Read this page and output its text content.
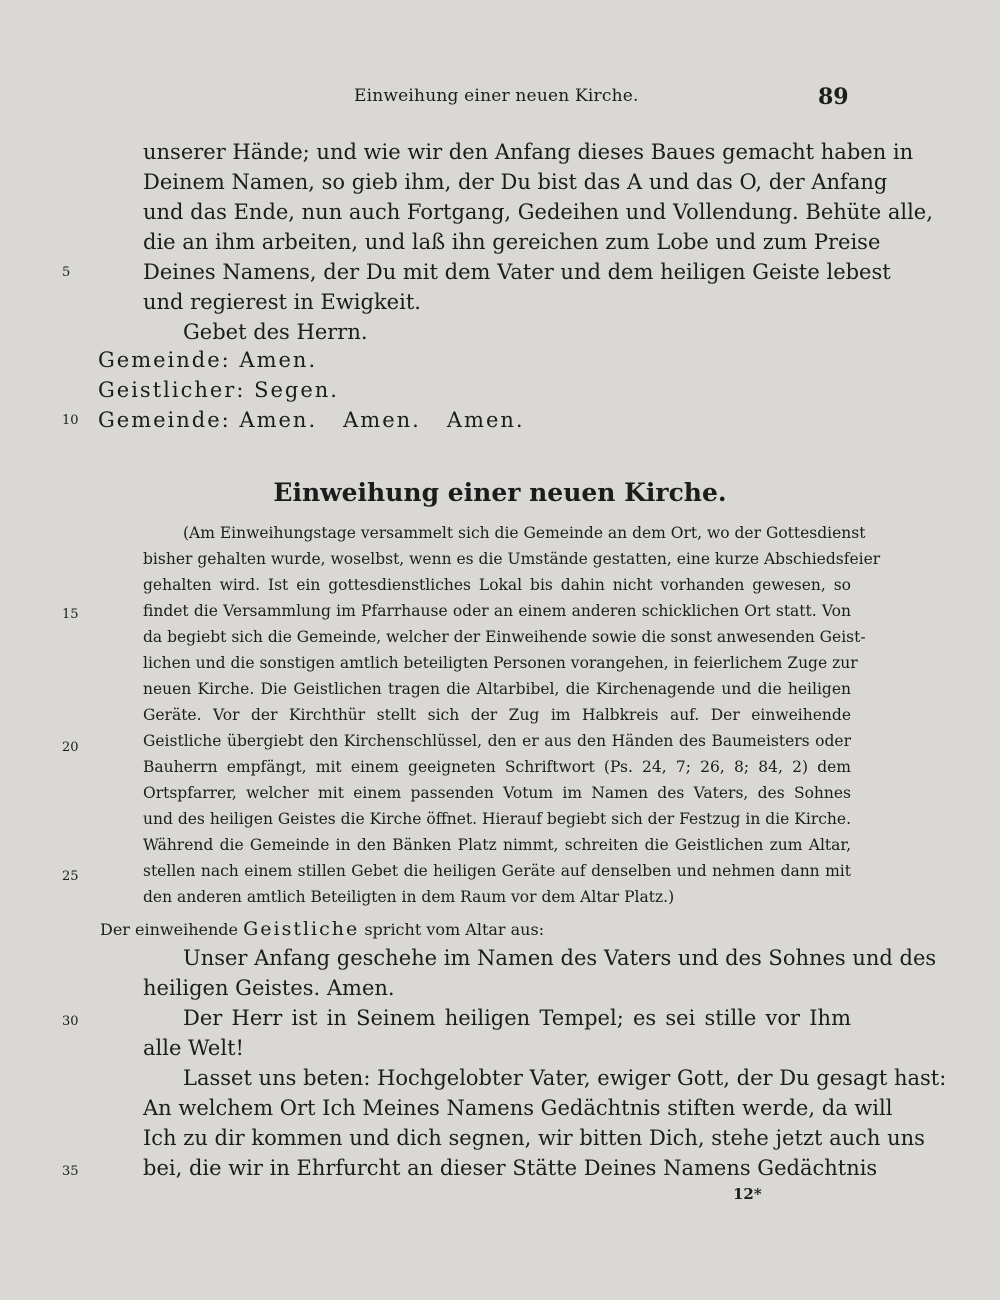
Einweihung einer neuen Kirche.	89
unserer Hände; und wie wir den Anfang dieses Baues gemacht haben in
Deinem Namen, so gieb ihm, der Du bist das A und das O, der Anfang
und das Ende, nun auch Fortgang, Gedeihen und Vollendung. Behüte alle,
die an ihm arbeiten, und laß ihn gereichen zum Lobe und zum Preise
Deines Namens, der Du mit dem Vater und dem heiligen Geiste lebest
und regierest in Ewigkeit.
Gebet des Herrn.
Gemeinde: Amen.
Geistlicher: Segen.
Gemeinde: Amen.   Amen.   Amen.
Einweihung einer neuen Kirche.
(Am Einweihungstage versammelt sich die Gemeinde an dem Ort, wo der Gottesdienst
bisher gehalten wurde, woselbst, wenn es die Umstände gestatten, eine kurze Abschiedsfeier
gehalten wird. Ist ein gottesdienstliches Lokal bis dahin nicht vorhanden gewesen, so
findet die Versammlung im Pfarrhause oder an einem anderen schicklichen Ort statt. Von
da begiebt sich die Gemeinde, welcher der Einweihende sowie die sonst anwesenden Geist-
lichen und die sonstigen amtlich beteiligten Personen vorangehen, in feierlichem Zuge zur
neuen Kirche. Die Geistlichen tragen die Altarbibel, die Kirchenagende und die heiligen
Geräte. Vor der Kirchthür stellt sich der Zug im Halbkreis auf. Der einweihende
Geistliche übergiebt den Kirchenschlüssel, den er aus den Händen des Baumeisters oder
Bauherrn empfängt, mit einem geeigneten Schriftwort (Ps. 24, 7; 26, 8; 84, 2) dem
Ortspfarrer, welcher mit einem passenden Votum im Namen des Vaters, des Sohnes
und des heiligen Geistes die Kirche öffnet. Hierauf begiebt sich der Festzug in die Kirche.
Während die Gemeinde in den Bänken Platz nimmt, schreiten die Geistlichen zum Altar,
stellen nach einem stillen Gebet die heiligen Geräte auf denselben und nehmen dann mit
den anderen amtlich Beteiligten in dem Raum vor dem Altar Platz.)
Der einweihende Geistliche spricht vom Altar aus:
Unser Anfang geschehe im Namen des Vaters und des Sohnes und des
heiligen Geistes. Amen.
Der Herr ist in Seinem heiligen Tempel; es sei stille vor Ihm
alle Welt!
Lasset uns beten: Hochgelobter Vater, ewiger Gott, der Du gesagt hast:
An welchem Ort Ich Meines Namens Gedächtnis stiften werde, da will
Ich zu dir kommen und dich segnen, wir bitten Dich, stehe jetzt auch uns
bei, die wir in Ehrfurcht an dieser Stätte Deines Namens Gedächtnis
5
10
15
20
25
30
35
12*
